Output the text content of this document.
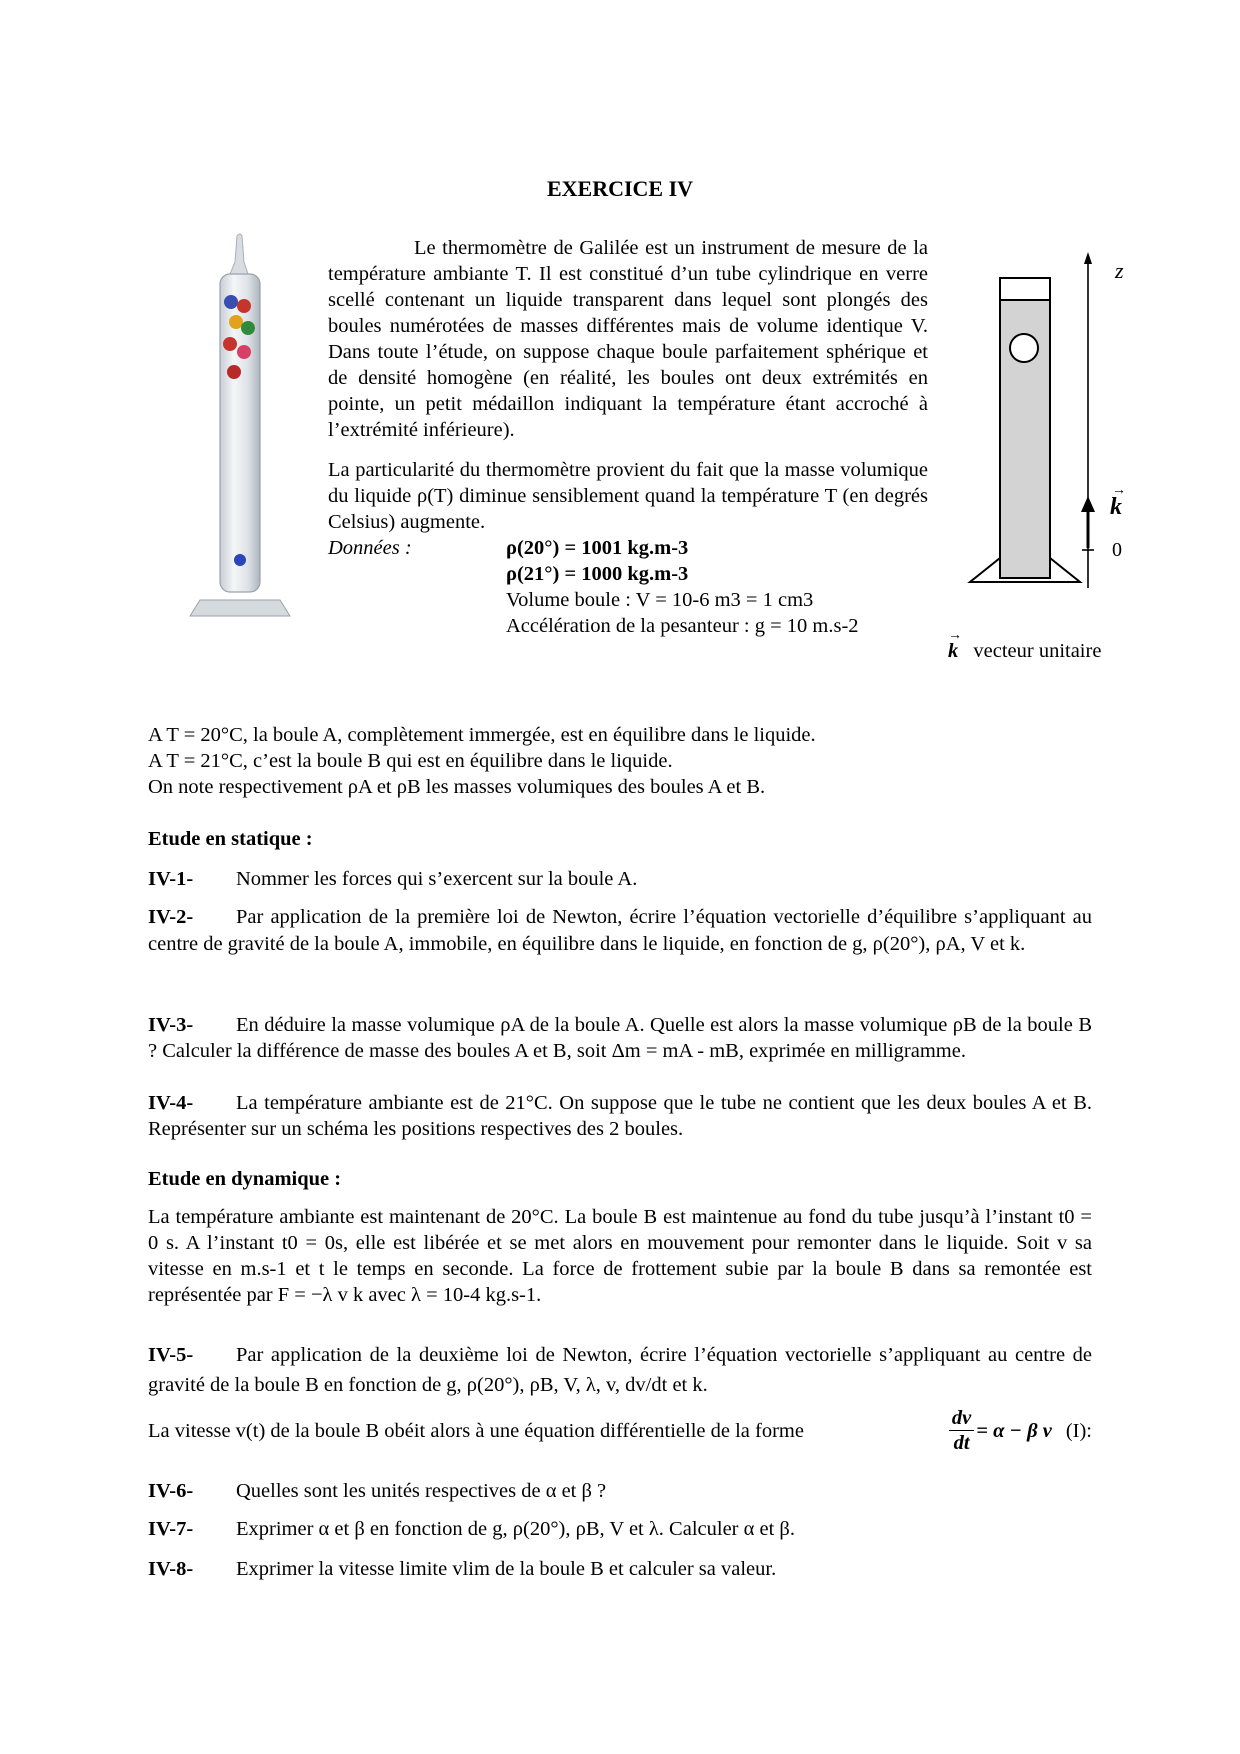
EXERCICE IV

Le thermomètre de Galilée est un instrument de mesure de la température ambiante T. Il est constitué d’un tube cylindrique en verre scellé contenant un liquide transparent dans lequel sont plongés des boules numérotées de masses différentes mais de volume identique V. Dans toute l’étude, on suppose chaque boule parfaitement sphérique et de densité homogène (en réalité, les boules ont deux extrémités en pointe, un petit médaillon indiquant la température étant accroché à l’extrémité inférieure).

La particularité du thermomètre provient du fait que la masse volumique du liquide ρ(T) diminue sensiblement quand la température T (en degrés Celsius) augmente.

Données :	ρ(20°) = 1001 kg.m-3
ρ(21°) = 1000 kg.m-3
Volume boule : V = 10-6 m3 = 1 cm3
Accélération de la pesanteur : g = 10 m.s-2
z
k
→
0
→ k vecteur unitaire

A T = 20°C, la boule A, complètement immergée, est en équilibre dans le liquide.

A T = 21°C, c’est la boule B qui est en équilibre dans le liquide.

On note respectivement ρA et ρB les masses volumiques des boules A et B.

Etude en statique :
IV-1-	Nommer les forces qui s’exercent sur la boule A.

IV-2- Par application de la première loi de Newton, écrire l’équation vectorielle d’équilibre s’appliquant au centre de gravité de la boule A, immobile, en équilibre dans le liquide, en fonction de g, ρ(20°), ρA, V et k.

IV-3- En déduire la masse volumique ρA de la boule A. Quelle est alors la masse volumique ρB de la boule B ? Calculer la différence de masse des boules A et B, soit Δm = mA - mB, exprimée en milligramme.

IV-4- La température ambiante est de 21°C. On suppose que le tube ne contient que les deux boules A et B. Représenter sur un schéma les positions respectives des 2 boules.

Etude en dynamique :

La température ambiante est maintenant de 20°C. La boule B est maintenue au fond du tube jusqu’à l’instant t0 = 0 s. A l’instant t0 = 0s, elle est libérée et se met alors en mouvement pour remonter dans le liquide. Soit v sa vitesse en m.s-1 et t le temps en seconde. La force de frottement subie par la boule B dans sa remontée est représentée par F = −λ v k avec λ = 10-4 kg.s-1.

IV-5- Par application de la deuxième loi de Newton, écrire l’équation vectorielle s’appliquant au centre de gravité de la boule B en fonction de g, ρ(20°), ρB, V, λ, v, dv/dt et k.

La vitesse v(t) de la boule B obéit alors à une équation différentielle de la forme	$\frac{dv}{dt} = \alpha - \beta$ v (I):
IV-6-	Quelles sont les unités respectives de α et β ?
IV-7-	Exprimer α et β en fonction de g, ρ(20°), ρB, V et λ. Calculer α et β.
IV-8-	Exprimer la vitesse limite vlim de la boule B et calculer sa valeur.
